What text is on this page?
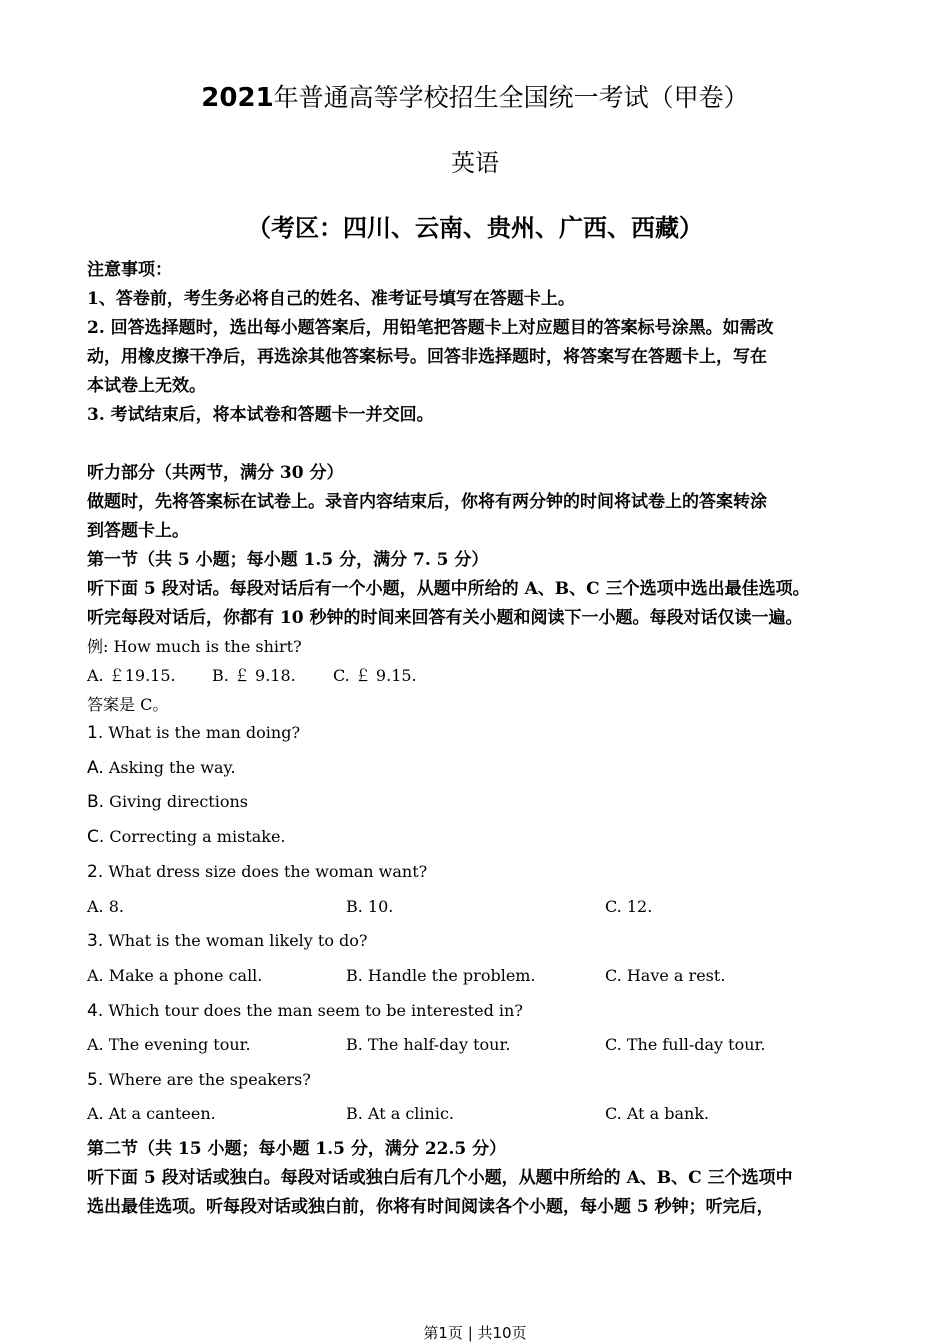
2021年普通高等学校招生全国统一考试（甲卷）
英语
（考区：四川、云南、贵州、广西、西藏）
注意事项：
1、答卷前，考生务必将自己的姓名、准考证号填写在答题卡上。
2. 回答选择题时，选出每小题答案后，用铅笔把答题卡上对应题目的答案标号涂黑。如需改
动，用橡皮擦干净后，再选涂其他答案标号。回答非选择题时，将答案写在答题卡上，写在
本试卷上无效。
3. 考试结束后，将本试卷和答题卡一并交回。
听力部分（共两节，满分 30 分）
做题时，先将答案标在试卷上。录音内容结束后，你将有两分钟的时间将试卷上的答案转涂
到答题卡上。
第一节（共 5 小题；每小题 1.5 分，满分 7. 5 分）
听下面 5 段对话。每段对话后有一个小题，从题中所给的 A、B、C 三个选项中选出最佳选项。
听完每段对话后，你都有 10 秒钟的时间来回答有关小题和阅读下一小题。每段对话仅读一遍。
例: How much is the shirt?
A. ￡19.15. B. ￡ 9.18. C. ￡ 9.15.
答案是 C。
1. What is the man doing?
A. Asking the way.
B. Giving directions
C. Correcting a mistake.
2. What dress size does the woman want?
A. 8.	B. 10.	C. 12.
3. What is the woman likely to do?
A. Make a phone call.	B. Handle the problem.	C. Have a rest.
4. Which tour does the man seem to be interested in?
A. The evening tour.	B. The half-day tour.	C. The full-day tour.
5. Where are the speakers?
A. At a canteen.	B. At a clinic.	C. At a bank.
第二节（共 15 小题；每小题 1.5 分，满分 22.5 分）
听下面 5 段对话或独白。每段对话或独白后有几个小题，从题中所给的 A、B、C 三个选项中
选出最佳选项。听每段对话或独白前，你将有时间阅读各个小题，每小题 5 秒钟；听完后，
第1页 | 共10页
